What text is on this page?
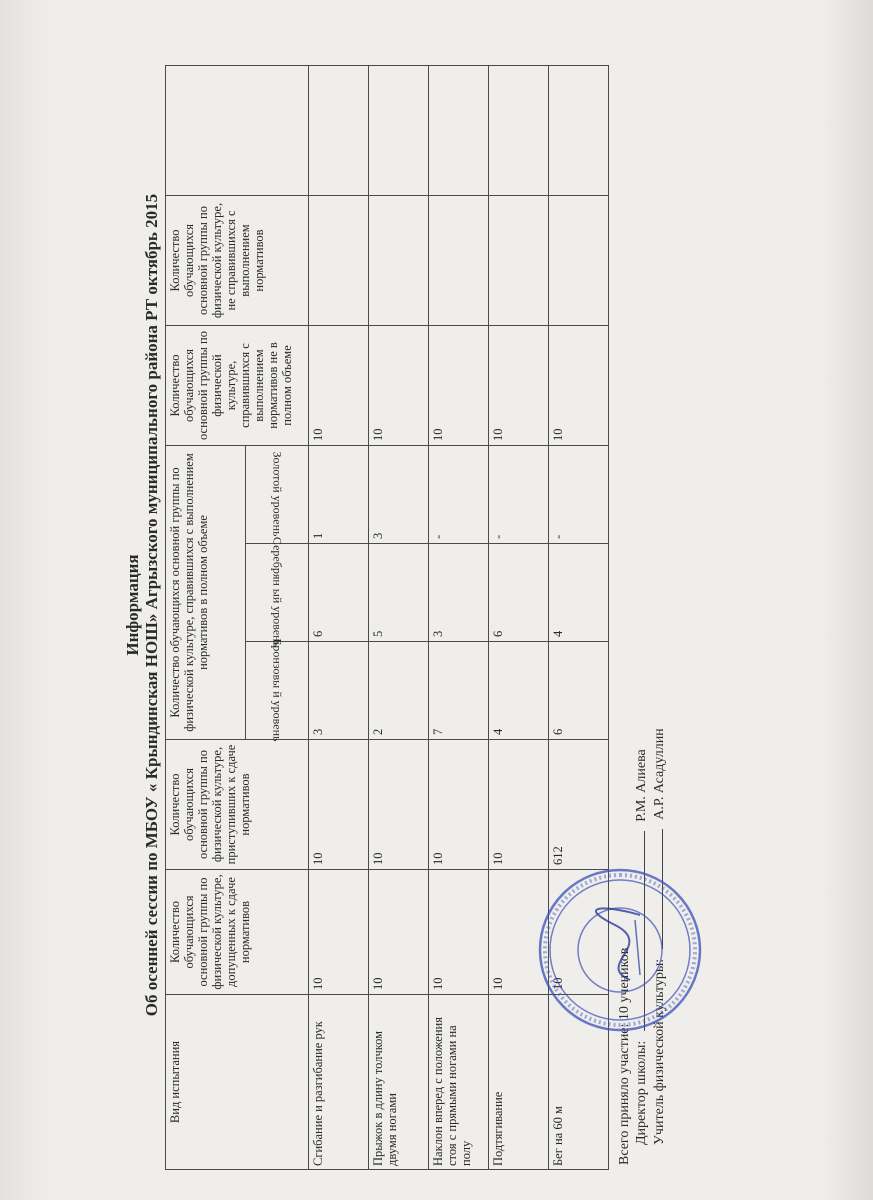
Информация Об осенней сессии по МБОУ « Крындинская НОШ» Агрызского муниципального района РТ октябрь 2015
Вид испытания	Количество обучающихся основной группы по физической культуре, допущенных к сдаче нормативов	Количество обучающихся основной группы по физической культуре, приступивших к сдаче нормативов	Количество обучающихся основной группы по физической культуре, справившихся с выполнением нормативов в полном объеме			Количество обучающихся основной группы по физической культуре, справившихся с выполнением нормативов не в полном объеме	Количество обучающихся основной группы по физической культуре, не справившихся с выполнением нормативов	

			Бронзовы й уровень	Серебрян ый уровень	Золотой уровень			

Сгибание и разгибание рук	10	10	3	6	1	10		
Прыжок в длину толчком двумя ногами	10	10	2	5	3	10		
Наклон вперед с положения стоя с прямыми ногами на полу	10	10	7	3	-	10		
Подтягивание	10	10	4	6	-	10		
Бег на 60 м	10	612	6	4	-	10		
Всего приняло участие: 10 учеников Директор школы:  Р.М. Алиева
Учитель физической культуры:  А.Р. Асадуллин
